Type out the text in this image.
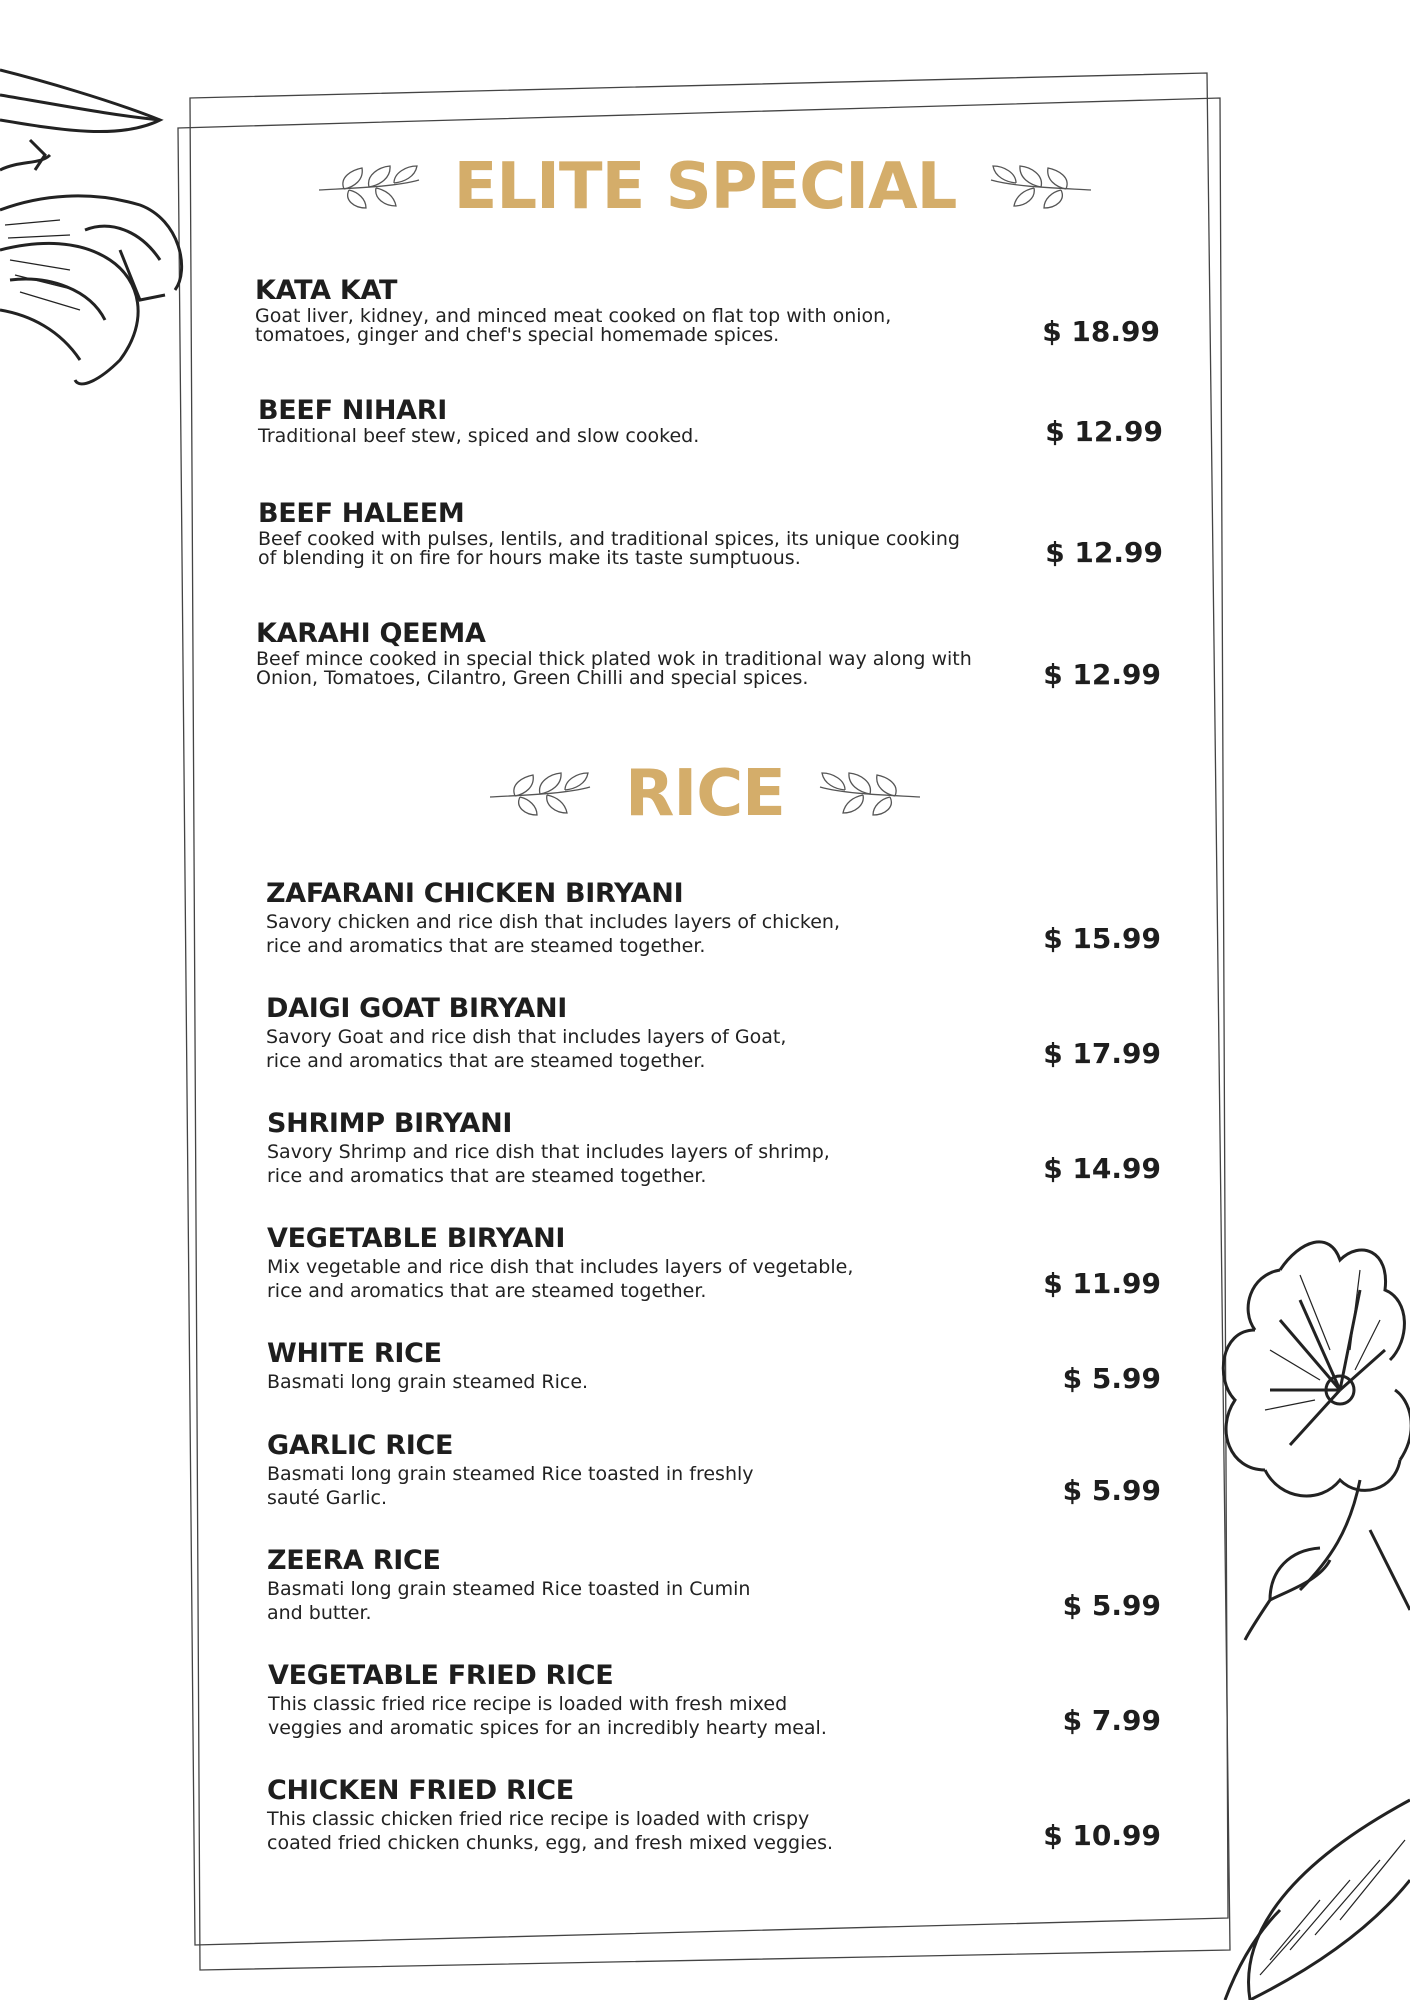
ELITE SPECIAL
RICE
KATA KAT
Goat liver, kidney, and minced meat cooked on flat top with onion,
tomatoes, ginger and chef's special homemade spices.	$ 18.99
BEEF NIHARI
Traditional beef stew, spiced and slow cooked.	$ 12.99
BEEF HALEEM
Beef cooked with pulses, lentils, and traditional spices, its unique cooking
of blending it on fire for hours make its taste sumptuous.	$ 12.99
KARAHI QEEMA
Beef mince cooked in special thick plated wok in traditional way along with
Onion, Tomatoes, Cilantro, Green Chilli and special spices.	$ 12.99
ZAFARANI CHICKEN BIRYANI
Savory chicken and rice dish that includes layers of chicken,
rice and aromatics that are steamed together.	$ 15.99
DAIGI GOAT BIRYANI
Savory Goat and rice dish that includes layers of Goat,
rice and aromatics that are steamed together.	$ 17.99
SHRIMP BIRYANI
Savory Shrimp and rice dish that includes layers of shrimp,
rice and aromatics that are steamed together.	$ 14.99
VEGETABLE BIRYANI
Mix vegetable and rice dish that includes layers of vegetable,
rice and aromatics that are steamed together.	$ 11.99
WHITE RICE
Basmati long grain steamed Rice.	$ 5.99
GARLIC RICE
Basmati long grain steamed Rice toasted in freshly
sauté Garlic.	$ 5.99
ZEERA RICE
Basmati long grain steamed Rice toasted in Cumin
and butter.	$ 5.99
VEGETABLE FRIED RICE
This classic fried rice recipe is loaded with fresh mixed
veggies and aromatic spices for an incredibly hearty meal.	$ 7.99
CHICKEN FRIED RICE
This classic chicken fried rice recipe is loaded with crispy
coated fried chicken chunks, egg, and fresh mixed veggies.	$ 10.99
